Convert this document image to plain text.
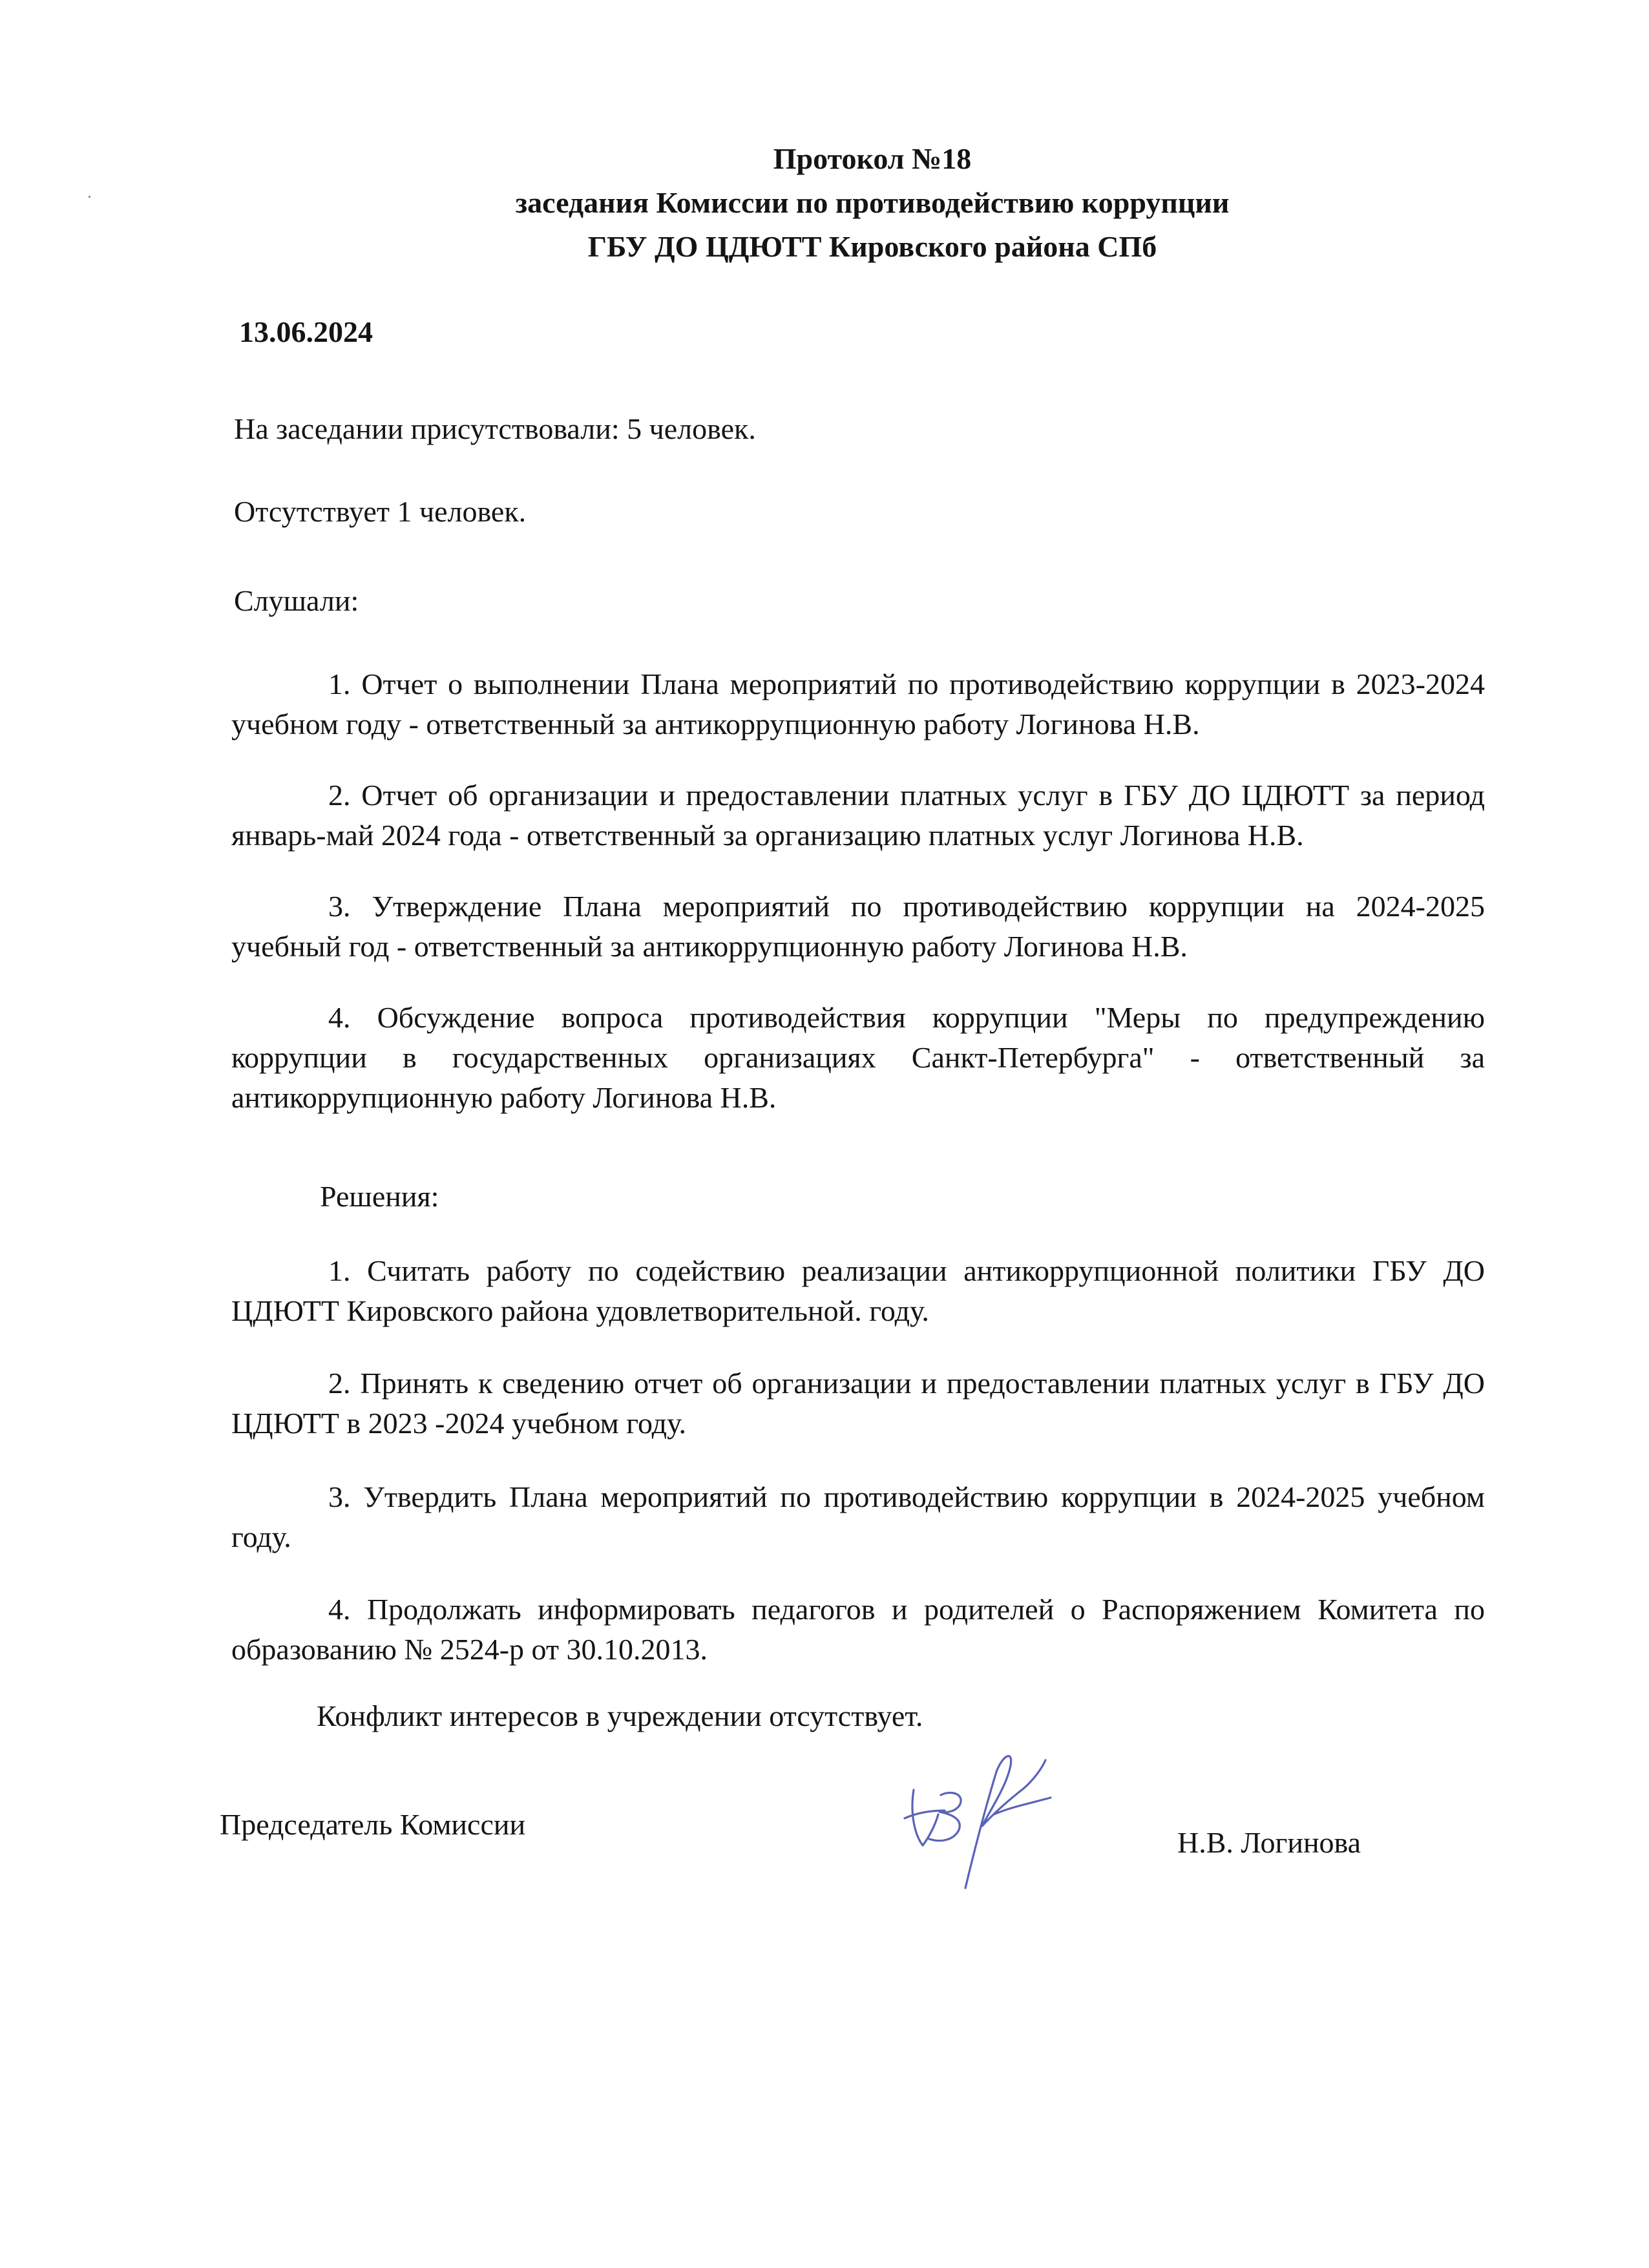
Протокол №18
заседания Комиссии по противодействию коррупции
ГБУ ДО ЦДЮТТ Кировского района СПб
13.06.2024
На заседании присутствовали: 5 человек.
Отсутствует 1 человек.
Слушали:
1. Отчет о выполнении Плана мероприятий по противодействию коррупции в 2023-2024 учебном году - ответственный за антикоррупционную работу Логинова Н.В.
2. Отчет об организации и предоставлении платных услуг в ГБУ ДО ЦДЮТТ за период январь-май 2024 года - ответственный за организацию платных услуг Логинова Н.В.
3. Утверждение Плана мероприятий по противодействию коррупции на 2024-2025 учебный год - ответственный за антикоррупционную работу Логинова Н.В.
4. Обсуждение вопроса противодействия коррупции "Меры по предупреждению коррупции в государственных организациях Санкт-Петербурга" - ответственный за антикоррупционную работу Логинова Н.В.
Решения:
1. Считать работу по содействию реализации антикоррупционной политики ГБУ ДО ЦДЮТТ Кировского района удовлетворительной. году.
2. Принять к сведению отчет об организации и предоставлении платных услуг в ГБУ ДО ЦДЮТТ в 2023 -2024 учебном году.
3. Утвердить Плана мероприятий по противодействию коррупции в 2024-2025 учебном году.
4. Продолжать информировать педагогов и родителей о Распоряжением Комитета по образованию № 2524-р от 30.10.2013.
Конфликт интересов в учреждении отсутствует.
Председатель Комиссии
Н.В. Логинова
